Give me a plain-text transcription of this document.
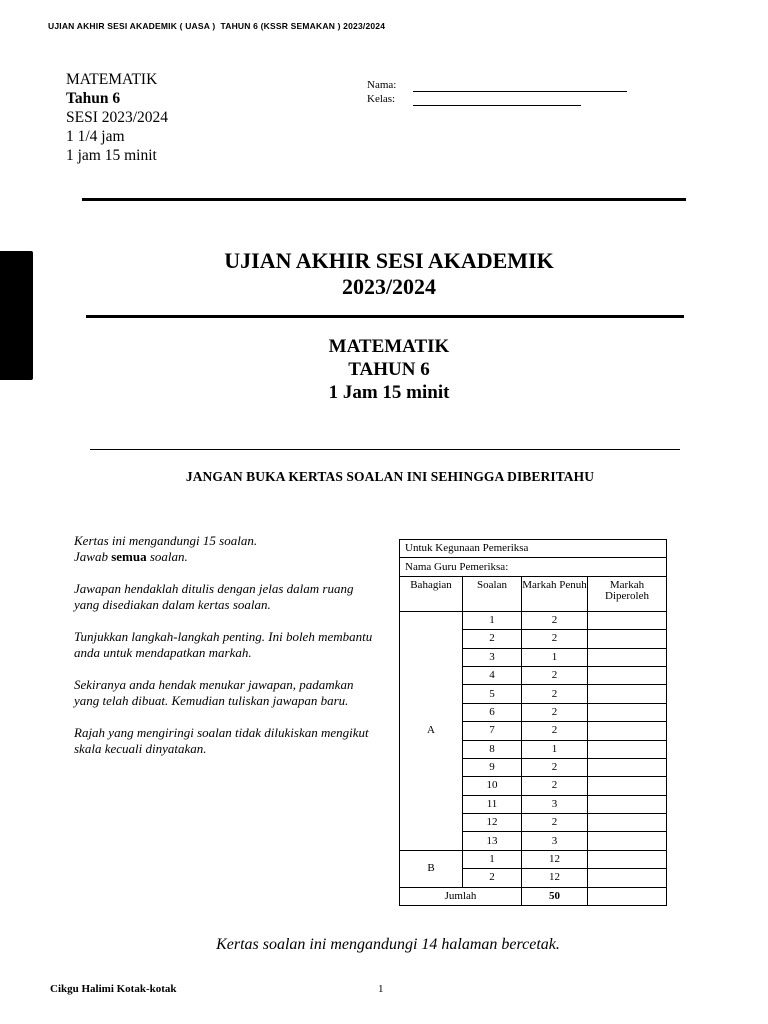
UJIAN AKHIR SESI AKADEMIK ( UASA )  TAHUN 6 (KSSR SEMAKAN ) 2023/2024
MATEMATIK
Tahun 6
SESI 2023/2024
1 1/4 jam
1 jam 15 minit
Nama:
Kelas:
UJIAN AKHIR SESI AKADEMIK
2023/2024
MATEMATIK
TAHUN 6
1 Jam 15 minit
JANGAN BUKA KERTAS SOALAN INI SEHINGGA DIBERITAHU

Kertas ini mengandungi 15 soalan.
Jawab semua soalan.

Jawapan hendaklah ditulis dengan jelas dalam ruang yang disediakan dalam kertas soalan.

Tunjukkan langkah-langkah penting. Ini boleh membantu anda untuk mendapatkan markah.

Sekiranya anda hendak menukar jawapan, padamkan yang telah dibuat. Kemudian tuliskan jawapan baru.

Rajah yang mengiringi soalan tidak dilukiskan mengikut skala kecuali dinyatakan.

Untuk Kegunaan Pemeriksa			
Nama Guru Pemeriksa:			
Bahagian	Soalan	Markah Penuh	Markah Diperoleh
A	1	2	
	2	2	
	3	1	
	4	2	
	5	2	
	6	2	
	7	2	
	8	1	
	9	2	
	10	2	
	11	3	
	12	2	
	13	3	
B	1	12	
	2	12	
Jumlah		50	
Kertas soalan ini mengandungi 14 halaman bercetak.
Cikgu Halimi Kotak-kotak	1
